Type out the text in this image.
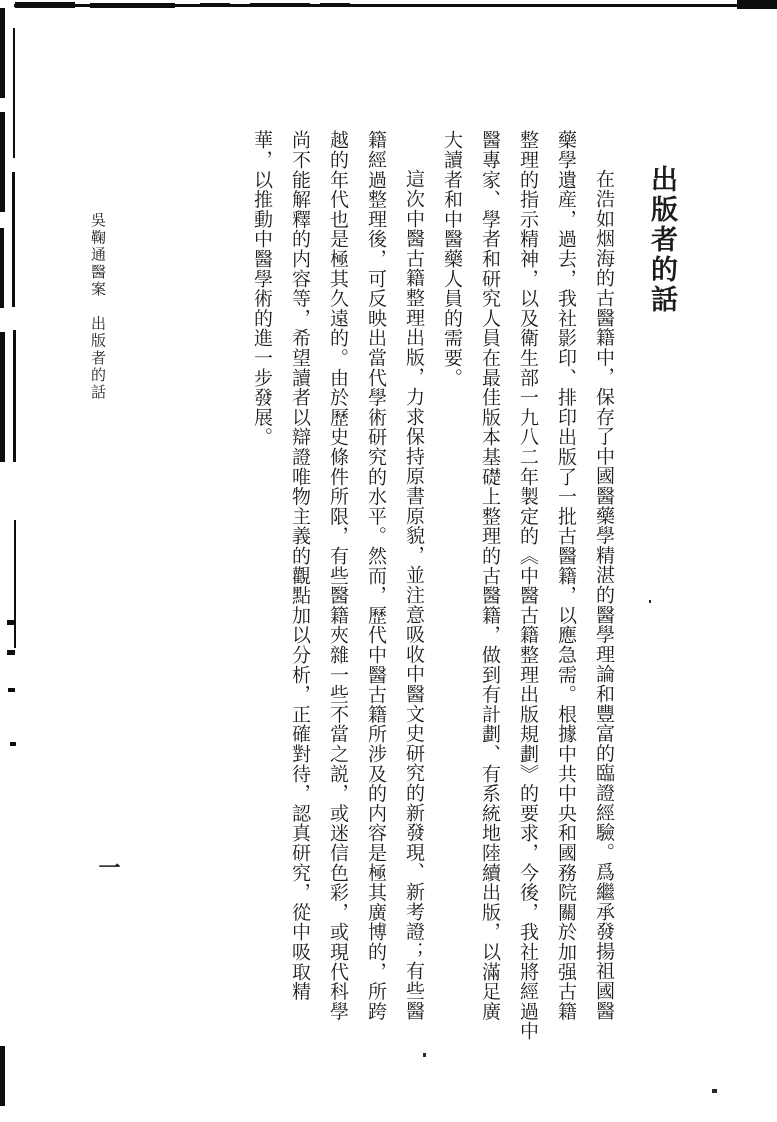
出版者的話
在浩如烟海的古醫籍中，保存了中國醫藥學精湛的醫學理論和豐富的臨證經驗。爲繼承發揚祖國醫
藥學遺産，過去，我社影印、排印出版了一批古醫籍，以應急需。根據中共中央和國務院關於加强古籍
整理的指示精神，以及衛生部一九八二年製定的《中醫古籍整理出版規劃》的要求，今後，我社將經過中
醫專家、學者和研究人員在最佳版本基礎上整理的古醫籍，做到有計劃、有系統地陸續出版，以滿足廣
大讀者和中醫藥人員的需要。
這次中醫古籍整理出版，力求保持原書原貌，並注意吸收中醫文史研究的新發現、新考證；有些醫
籍經過整理後，可反映出當代學術研究的水平。然而，歷代中醫古籍所涉及的内容是極其廣博的，所跨
越的年代也是極其久遠的。由於歷史條件所限，有些醫籍夾雜一些不當之説，或迷信色彩，或現代科學
尚不能解釋的内容等，希望讀者以辯證唯物主義的觀點加以分析，正確對待，認真研究，從中吸取精
華，以推動中醫學術的進一步發展。
吳鞠通醫案　出版者的話
一
